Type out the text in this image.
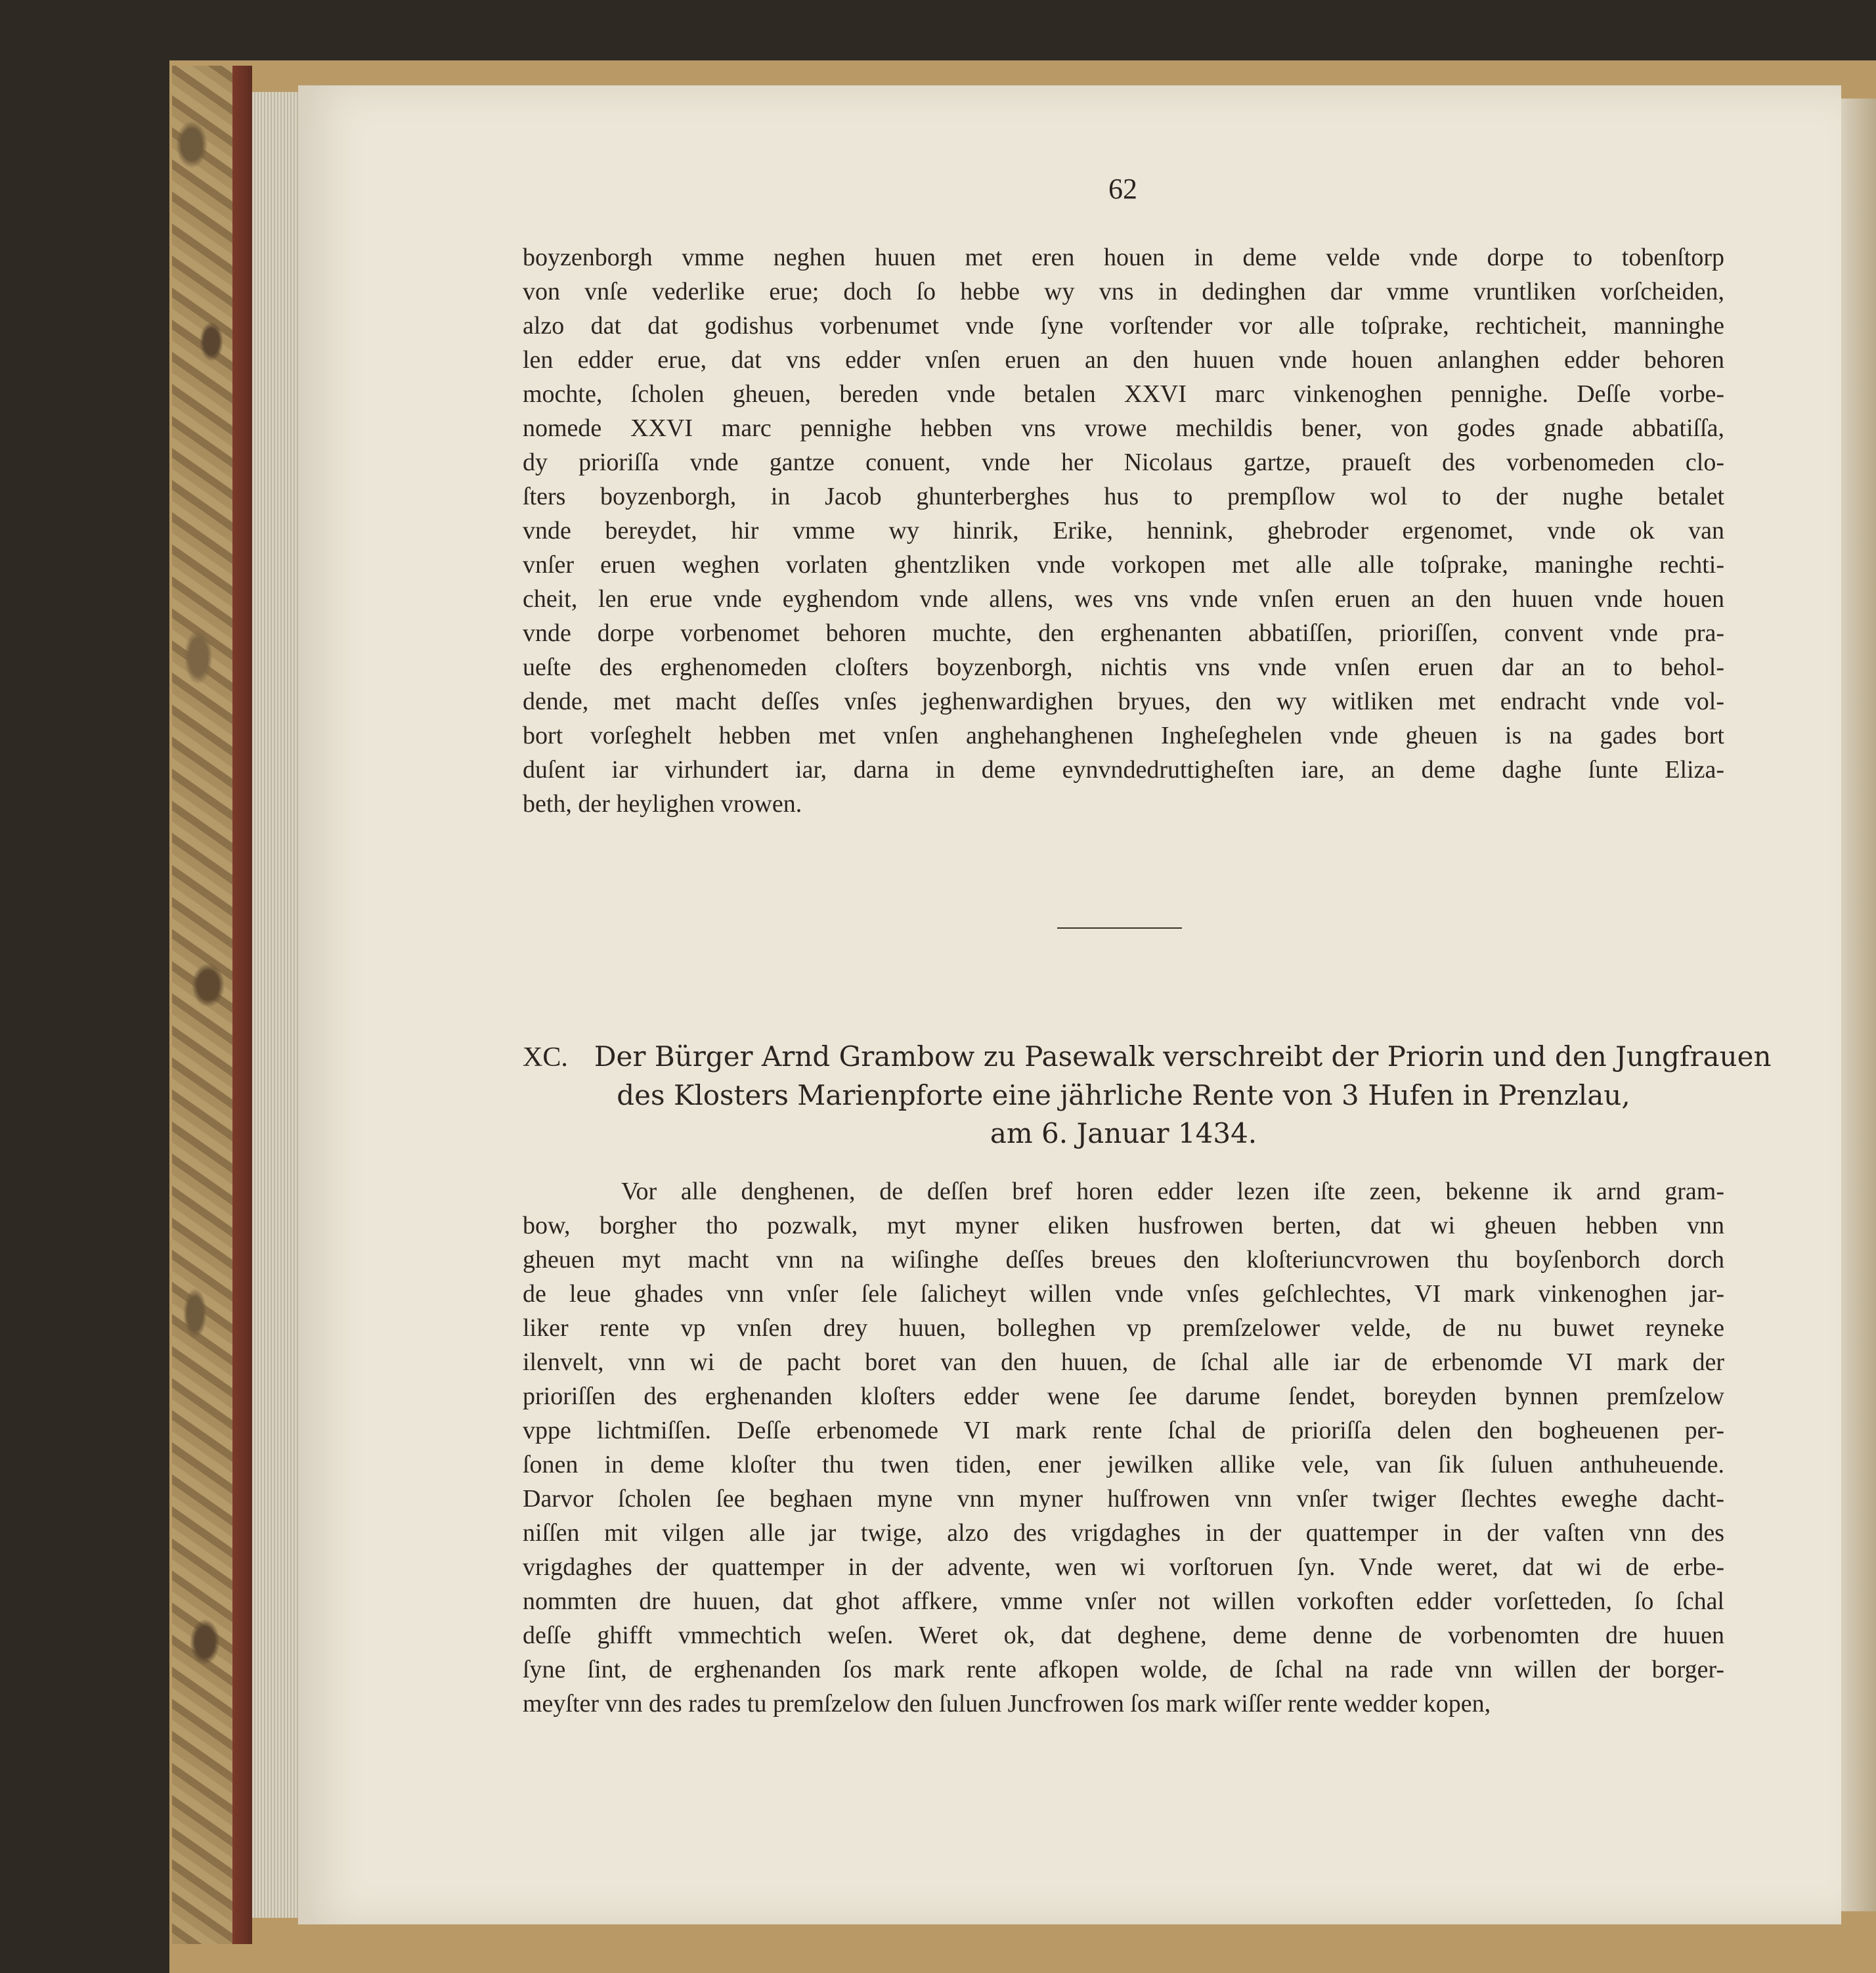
62
boyzenborgh vmme neghen huuen met eren houen in deme velde vnde dorpe to tobenſtorp
von vnſe vederlike erue; doch ſo hebbe wy vns in dedinghen dar vmme vruntliken vorſcheiden,
alzo dat dat godishus vorbenumet vnde ſyne vorſtender vor alle toſprake, rechticheit, manninghe
len edder erue, dat vns edder vnſen eruen an den huuen vnde houen anlanghen edder behoren
mochte, ſcholen gheuen, bereden vnde betalen XXVI marc vinkenoghen pennighe. Deſſe vorbe-
nomede XXVI marc pennighe hebben vns vrowe mechildis bener, von godes gnade abbatiſſa,
dy prioriſſa vnde gantze conuent, vnde her Nicolaus gartze, praueſt des vorbenomeden clo-
ſters boyzenborgh, in Jacob ghunterberghes hus to prempſlow wol to der nughe betalet
vnde bereydet, hir vmme wy hinrik, Erike, hennink, ghebroder ergenomet, vnde ok van
vnſer eruen weghen vorlaten ghentzliken vnde vorkopen met alle alle toſprake, maninghe rechti-
cheit, len erue vnde eyghendom vnde allens, wes vns vnde vnſen eruen an den huuen vnde houen
vnde dorpe vorbenomet behoren muchte, den erghenanten abbatiſſen, prioriſſen, convent vnde pra-
ueſte des erghenomeden cloſters boyzenborgh, nichtis vns vnde vnſen eruen dar an to behol-
dende, met macht deſſes vnſes jeghenwardighen bryues, den wy witliken met endracht vnde vol-
bort vorſeghelt hebben met vnſen anghehanghenen Ingheſeghelen vnde gheuen is na gades bort
duſent iar virhundert iar, darna in deme eynvndedruttigheſten iare, an deme daghe ſunte Eliza-
beth, der heylighen vrowen.
XC. Der Bürger Arnd Grambow zu Pasewalk verschreibt der Priorin und den Jungfrauen
des Klosters Marienpforte eine jährliche Rente von 3 Hufen in Prenzlau,
am 6. Januar 1434.
Vor alle denghenen, de deſſen bref horen edder lezen iſte zeen, bekenne ik arnd gram-
bow, borgher tho pozwalk, myt myner eliken husfrowen berten, dat wi gheuen hebben vnn
gheuen myt macht vnn na wiſinghe deſſes breues den kloſteriuncvrowen thu boyſenborch dorch
de leue ghades vnn vnſer ſele ſalicheyt willen vnde vnſes geſchlechtes, VI mark vinkenoghen jar-
liker rente vp vnſen drey huuen, bolleghen vp premſzelower velde, de nu buwet reyneke
ilenvelt, vnn wi de pacht boret van den huuen, de ſchal alle iar de erbenomde VI mark der
prioriſſen des erghenanden kloſters edder wene ſee darume ſendet, boreyden bynnen premſzelow
vppe lichtmiſſen. Deſſe erbenomede VI mark rente ſchal de prioriſſa delen den bogheuenen per-
ſonen in deme kloſter thu twen tiden, ener jewilken allike vele, van ſik ſuluen anthuheuende.
Darvor ſcholen ſee beghaen myne vnn myner huſfrowen vnn vnſer twiger ſlechtes eweghe dacht-
niſſen mit vilgen alle jar twige, alzo des vrigdaghes in der quattemper in der vaſten vnn des
vrigdaghes der quattemper in der advente, wen wi vorſtoruen ſyn. Vnde weret, dat wi de erbe-
nommten dre huuen, dat ghot affkere, vmme vnſer not willen vorkoften edder vorſetteden, ſo ſchal
deſſe ghifft vmmechtich weſen. Weret ok, dat deghene, deme denne de vorbenomten dre huuen
ſyne ſint, de erghenanden ſos mark rente afkopen wolde, de ſchal na rade vnn willen der borger-
meyſter vnn des rades tu premſzelow den ſuluen Juncfrowen ſos mark wiſſer rente wedder kopen,
